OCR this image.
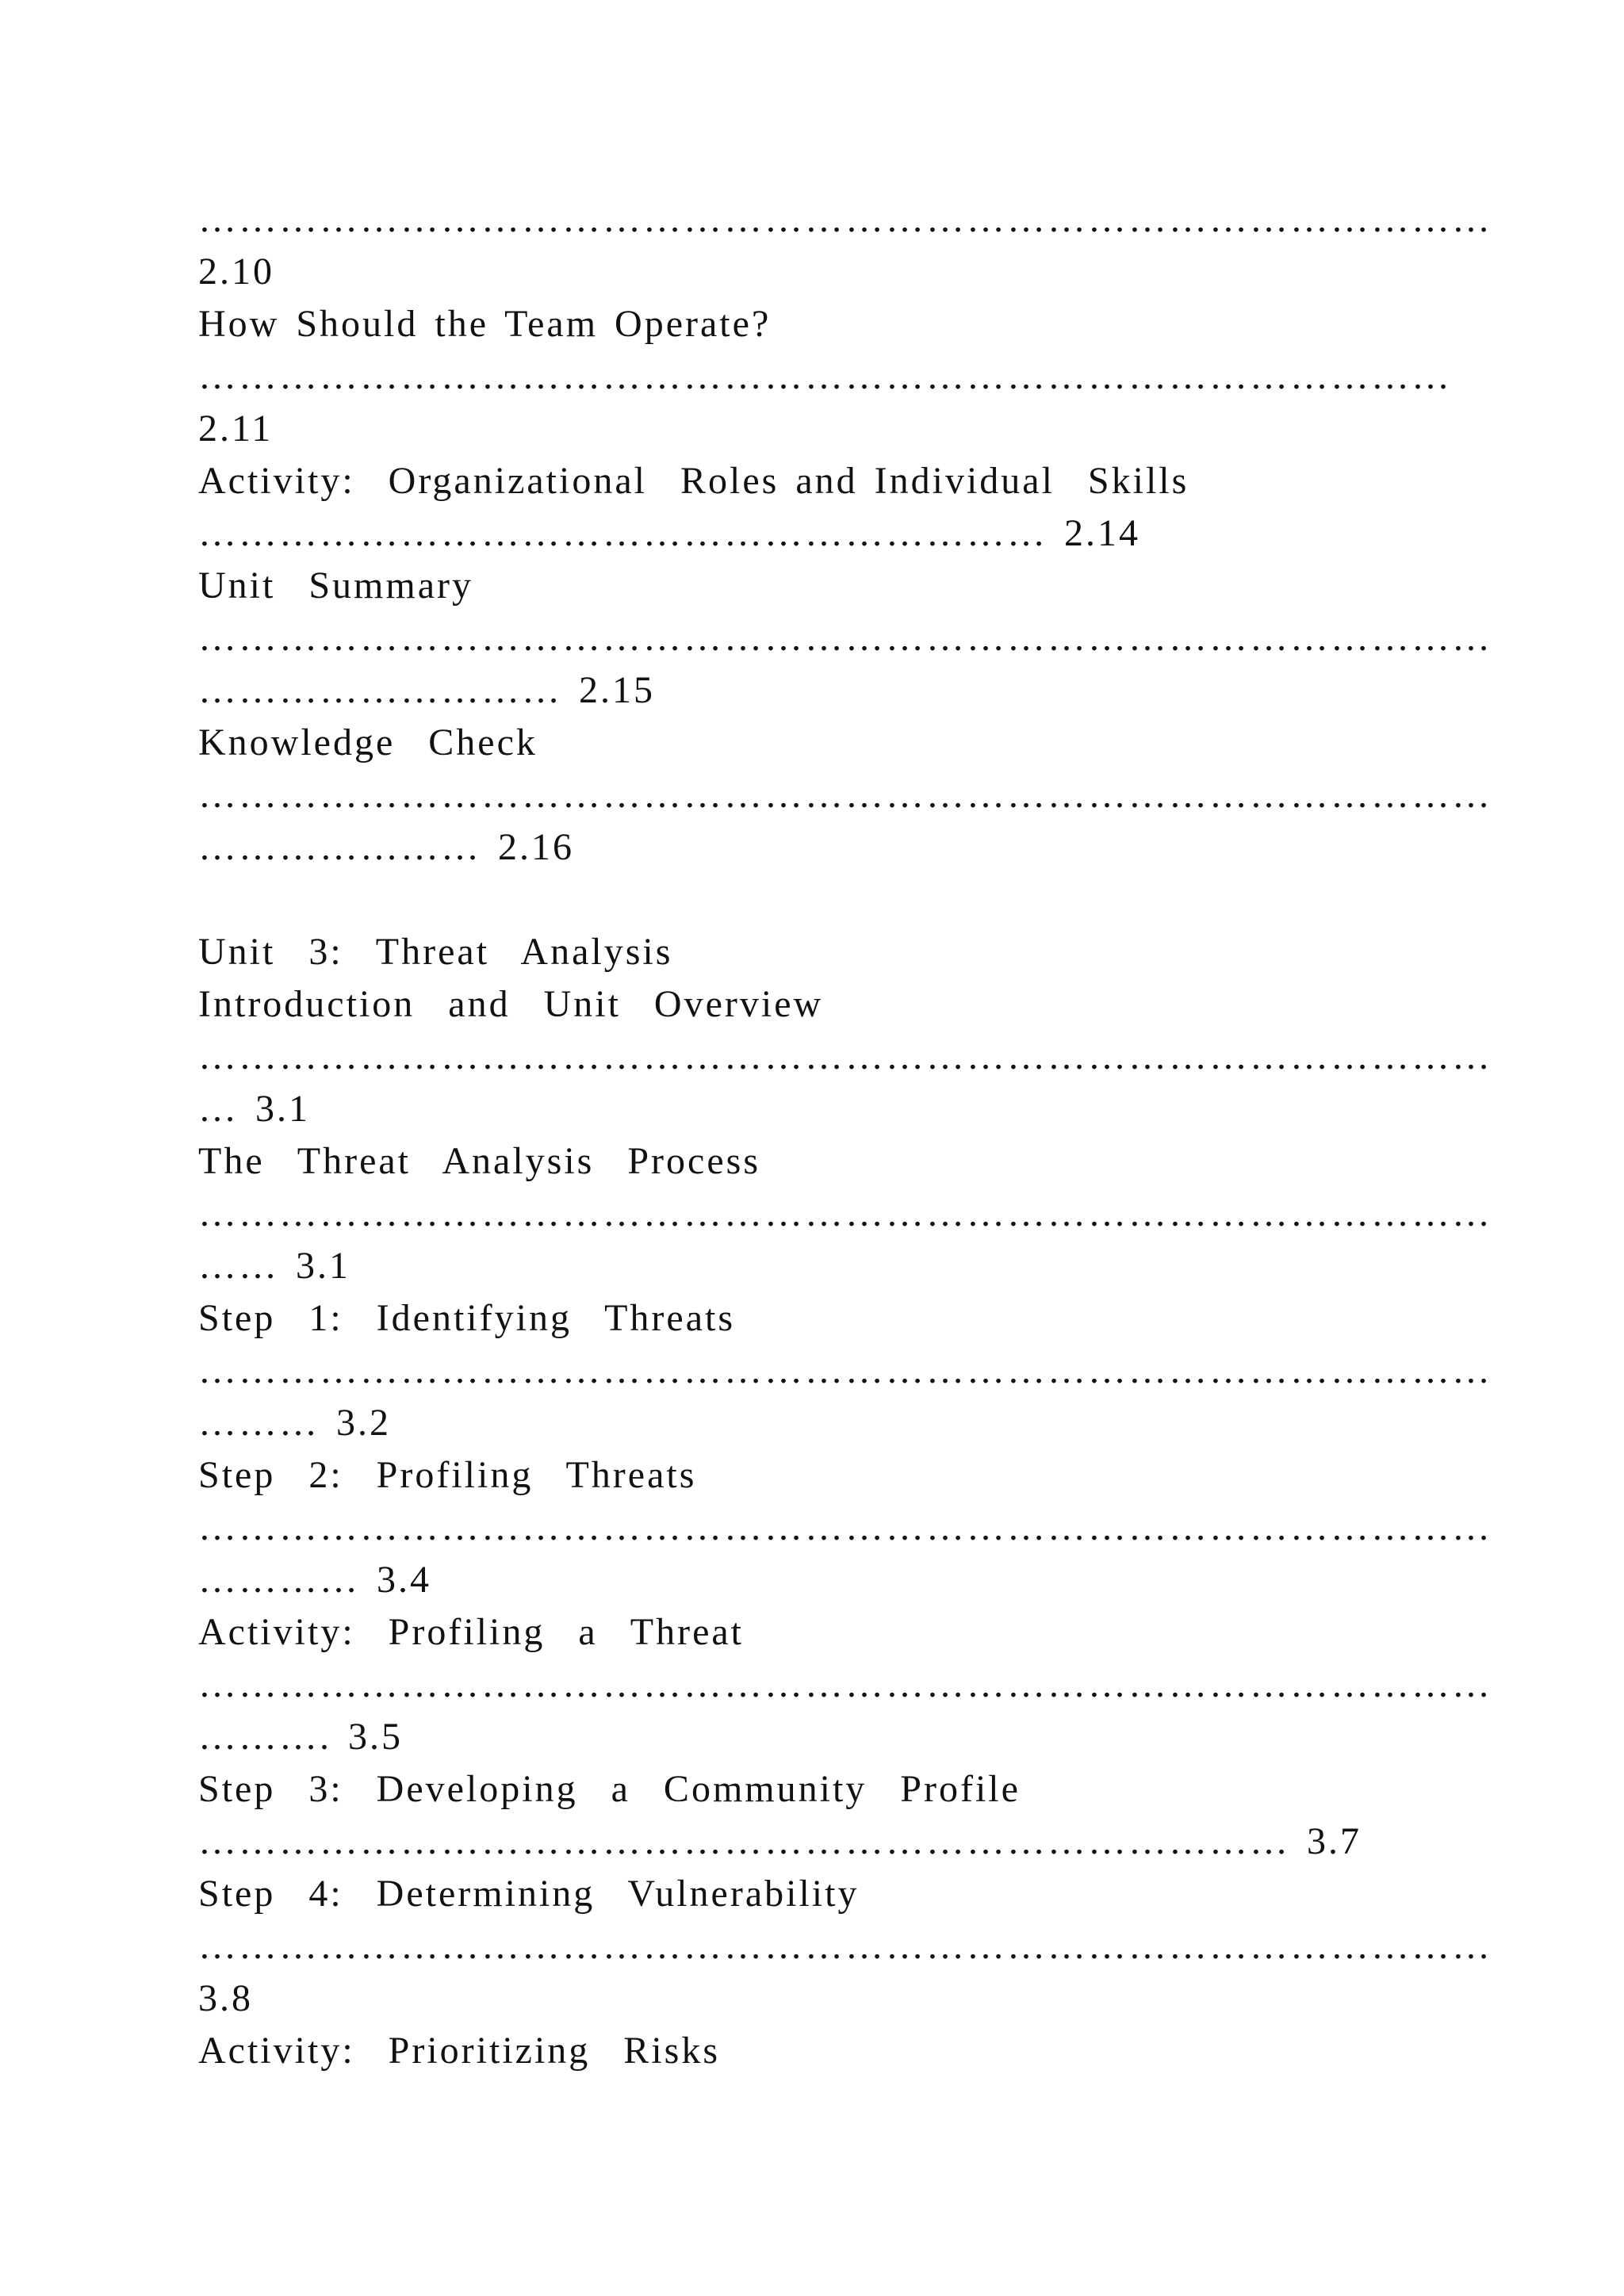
……………………………………………………………………………………
2.10
How Should the Team Operate?
…………………………………………………………………………………
2.11
Activity:  Organizational  Roles and Individual  Skills
……………………………………………………… 2.14
Unit  Summary
……………………………………………………………………………………
……………………… 2.15
Knowledge  Check
……………………………………………………………………………………
………………… 2.16
Unit  3:  Threat  Analysis
Introduction  and  Unit  Overview
……………………………………………………………………………………
… 3.1
The  Threat  Analysis  Process
……………………………………………………………………………………
…… 3.1
Step  1:  Identifying  Threats
……………………………………………………………………………………
……… 3.2
Step  2:  Profiling  Threats
……………………………………………………………………………………
………… 3.4
Activity:  Profiling  a  Threat
……………………………………………………………………………………
………. 3.5
Step  3:  Developing  a  Community  Profile
……………………………………………………………………… 3.7
Step  4:  Determining  Vulnerability
……………………………………………………………………………………
3.8
Activity:  Prioritizing  Risks
